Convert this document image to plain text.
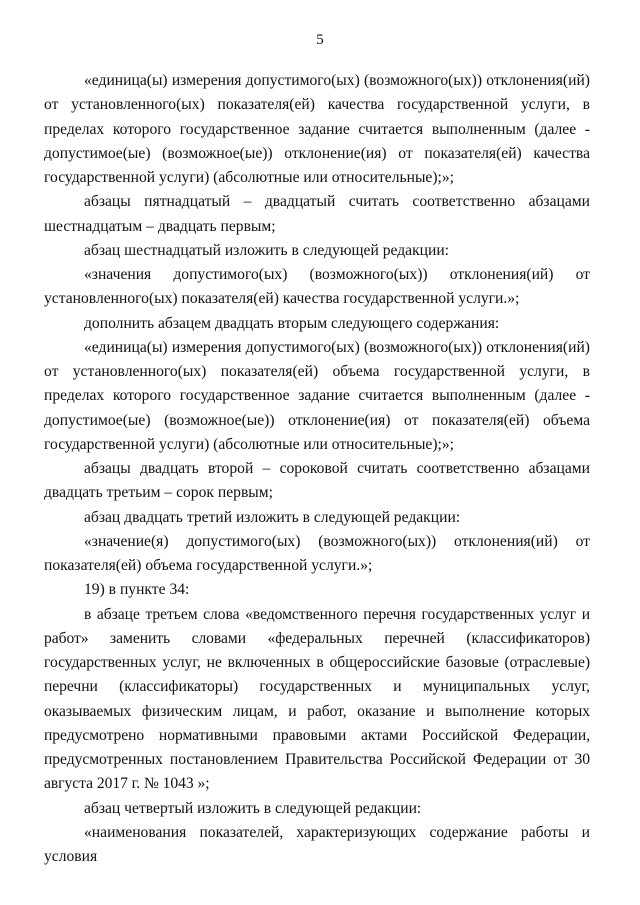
5

«единица(ы) измерения допустимого(ых) (возможного(ых)) отклонения(ий) от установленного(ых) показателя(ей) качества государственной услуги, в пределах которого государственное задание считается выполненным (далее - допустимое(ые) (возможное(ые)) отклонение(ия) от показателя(ей) качества государственной услуги) (абсолютные или относительные);»;

абзацы пятнадцатый – двадцатый считать соответственно абзацами шестнадцатым – двадцать первым;

абзац шестнадцатый изложить в следующей редакции:

«значения допустимого(ых) (возможного(ых)) отклонения(ий) от установленного(ых) показателя(ей) качества государственной услуги.»;

дополнить абзацем двадцать вторым следующего содержания:

«единица(ы) измерения допустимого(ых) (возможного(ых)) отклонения(ий) от установленного(ых) показателя(ей) объема государственной услуги, в пределах которого государственное задание считается выполненным (далее - допустимое(ые) (возможное(ые)) отклонение(ия) от показателя(ей) объема государственной услуги) (абсолютные или относительные);»;

абзацы двадцать второй – сороковой считать соответственно абзацами двадцать третьим – сорок первым;

абзац двадцать третий изложить в следующей редакции:

«значение(я) допустимого(ых) (возможного(ых)) отклонения(ий) от показателя(ей) объема государственной услуги.»;

19) в пункте 34:

в абзаце третьем слова «ведомственного перечня государственных услуг и работ» заменить словами «федеральных перечней (классификаторов) государственных услуг, не включенных в общероссийские базовые (отраслевые) перечни (классификаторы) государственных и муниципальных услуг, оказываемых физическим лицам, и работ, оказание и выполнение которых предусмотрено нормативными правовыми актами Российской Федерации, предусмотренных постановлением Правительства Российской Федерации от 30 августа 2017 г. № 1043 »;

абзац четвертый изложить в следующей редакции:

«наименования показателей, характеризующих содержание работы и условия
